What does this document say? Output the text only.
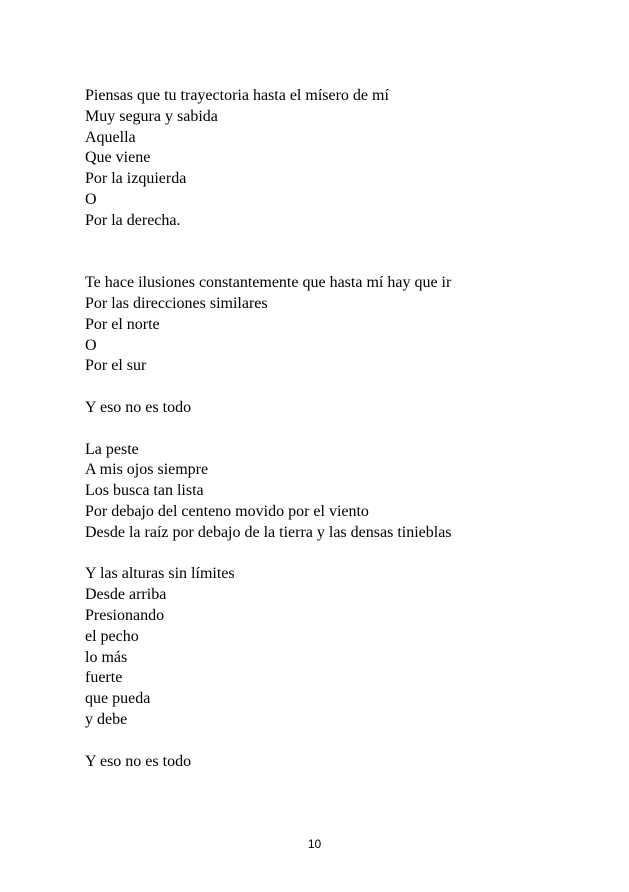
Piensas que tu trayectoria hasta el mísero de mí
Muy segura y sabida
Aquella
Que viene
Por la izquierda
O
Por la derecha.
Te hace ilusiones constantemente que hasta mí hay que ir
Por las direcciones similares
Por el norte
O
Por el sur
Y eso no es todo
La peste
A mis ojos siempre
Los busca tan lista
Por debajo del centeno movido por el viento
Desde la raíz por debajo de la tierra y las densas tinieblas
Y las alturas sin límites
Desde arriba
Presionando
el pecho
lo más
fuerte
que pueda
y debe
Y eso no es todo
10
